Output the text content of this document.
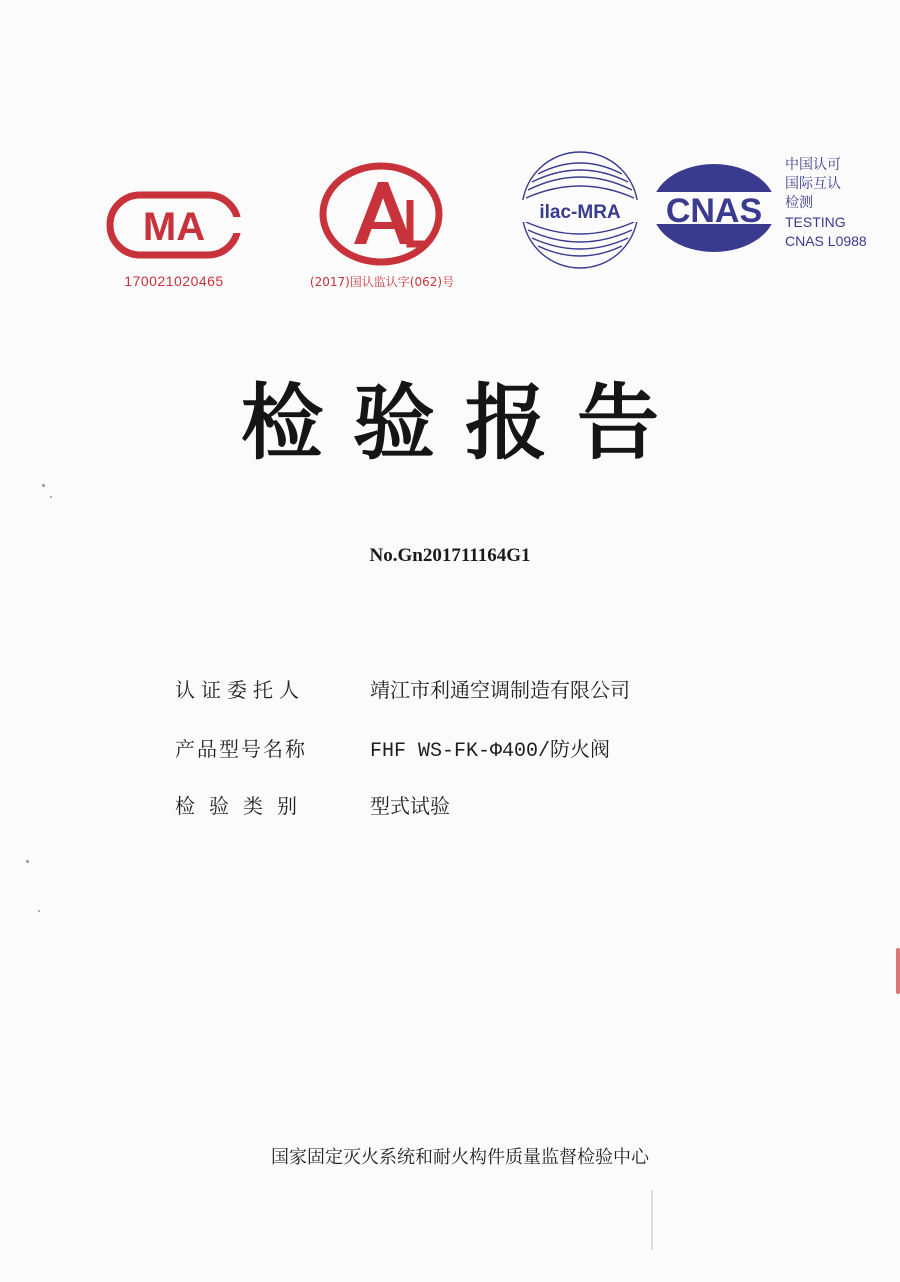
MA
170021020465	(2017)国认监认字(062)号
ilac-MRA CNAS
中国认可
国际互认
检测
TESTING
CNAS L0988
检验报告
No.Gn201711164G1
认证委托人	靖江市利通空调制造有限公司
产品型号名称	FHF WS-FK-Φ400/防火阀
检验类别	型式试验
国家固定灭火系统和耐火构件质量监督检验中心
